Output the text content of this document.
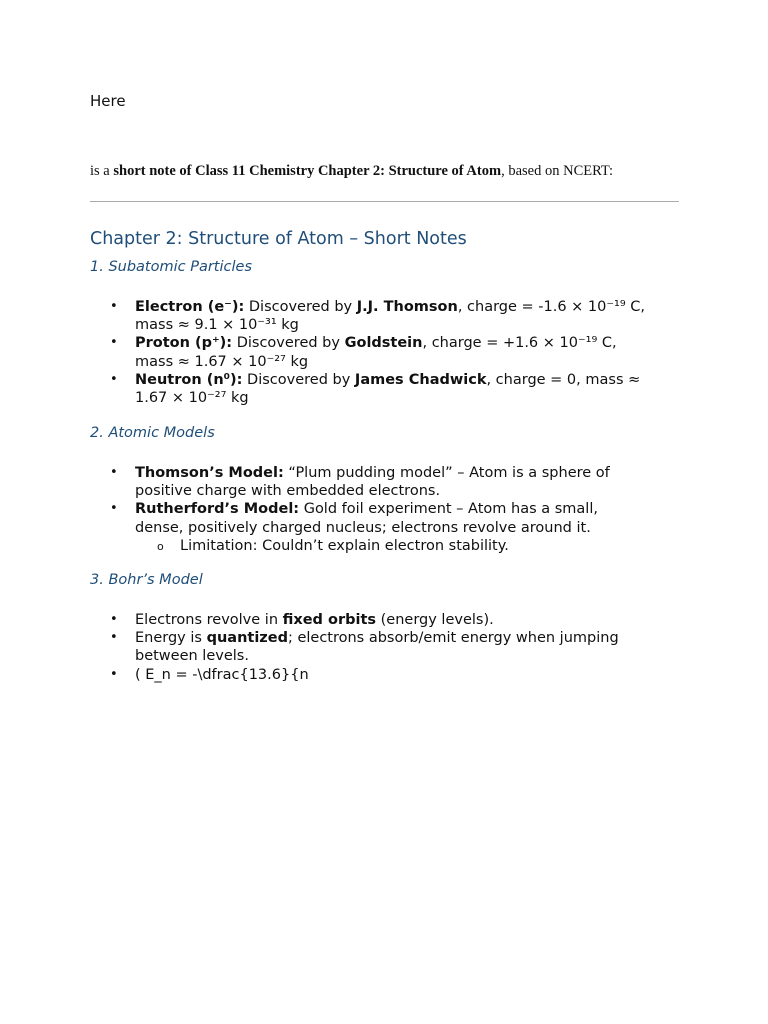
Here
is a short note of Class 11 Chemistry Chapter 2: Structure of Atom, based on NCERT:
Chapter 2: Structure of Atom – Short Notes
1. Subatomic Particles
• Electron (e⁻): Discovered by J.J. Thomson, charge = -1.6 × 10⁻¹⁹ C, mass ≈ 9.1 × 10⁻³¹ kg
• Proton (p⁺): Discovered by Goldstein, charge = +1.6 × 10⁻¹⁹ C, mass ≈ 1.67 × 10⁻²⁷ kg
• Neutron (n⁰): Discovered by James Chadwick, charge = 0, mass ≈ 1.67 × 10⁻²⁷ kg
2. Atomic Models
• Thomson’s Model: “Plum pudding model” – Atom is a sphere of positive charge with embedded electrons.
• Rutherford’s Model: Gold foil experiment – Atom has a small, dense, positively charged nucleus; electrons revolve around it.
o Limitation: Couldn’t explain electron stability.
3. Bohr’s Model
• Electrons revolve in fixed orbits (energy levels).
• Energy is quantized; electrons absorb/emit energy when jumping between levels.
• ( E_n = -\dfrac{13.6}{n
